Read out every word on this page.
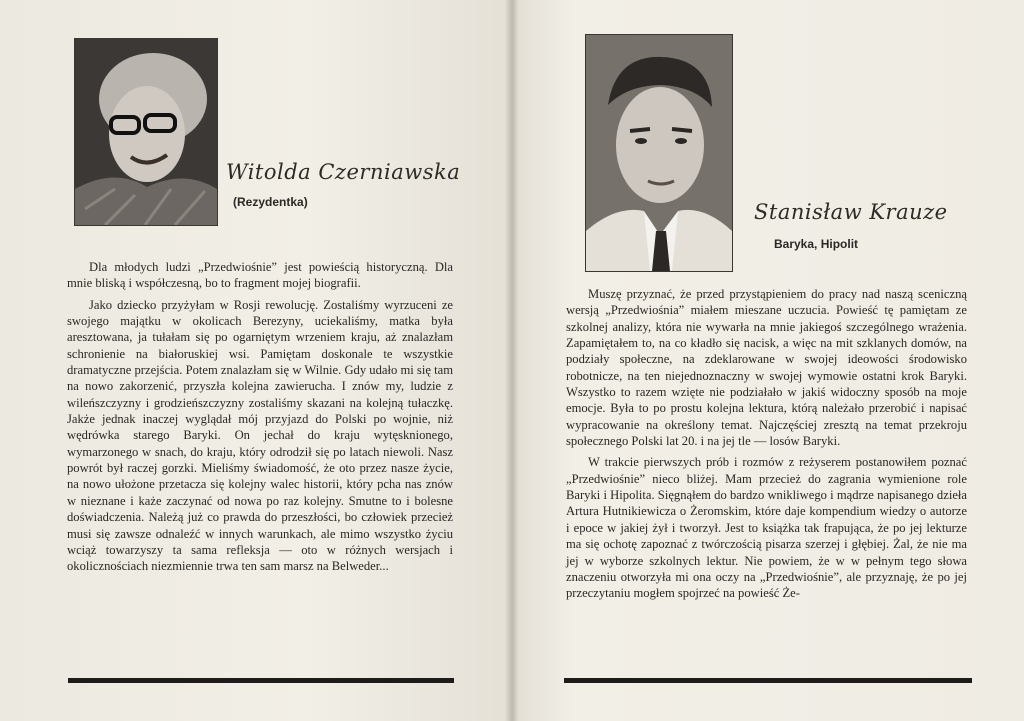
Witolda Czerniawska
(Rezydentka)

Dla młodych ludzi „Przedwiośnie” jest powieścią historyczną. Dla mnie bliską i współczesną, bo to fragment mojej biografii.

Jako dziecko przyżyłam w Rosji rewolucję. Zostaliśmy wyrzuceni ze swojego majątku w okolicach Berezyny, uciekaliśmy, matka była aresztowana, ja tułałam się po ogarniętym wrzeniem kraju, aż znalazłam schronienie na białoruskiej wsi. Pamiętam doskonale te wszystkie dramatyczne przejścia. Potem znalazłam się w Wilnie. Gdy udało mi się tam na nowo zakorzenić, przyszła kolejna zawierucha. I znów my, ludzie z wileńszczyzny i grodzieńszczyzny zostaliśmy skazani na kolejną tułaczkę. Jakże jednak inaczej wyglądał mój przyjazd do Polski po wojnie, niż wędrówka starego Baryki. On jechał do kraju wytęsknionego, wymarzonego w snach, do kraju, który odrodził się po latach niewoli. Nasz powrót był raczej gorzki. Mieliśmy świadomość, że oto przez nasze życie, na nowo ułożone przetacza się kolejny walec historii, który pcha nas znów w nieznane i każe zaczynać od nowa po raz kolejny. Smutne to i bolesne doświadczenia. Należą już co prawda do przeszłości, bo człowiek przecież musi się zawsze odnaleźć w innych warunkach, ale mimo wszystko życiu wciąż towarzyszy ta sama refleksja — oto w różnych wersjach i okolicznościach niezmiennie trwa ten sam marsz na Belweder...

Stanisław Krauze
Baryka, Hipolit

Muszę przyznać, że przed przystąpieniem do pracy nad naszą sceniczną wersją „Przedwiośnia” miałem mieszane uczucia. Powieść tę pamiętam ze szkolnej analizy, która nie wywarła na mnie jakiegoś szczególnego wrażenia. Zapamiętałem to, na co kładło się nacisk, a więc na mit szklanych domów, na podziały społeczne, na zdeklarowane w swojej ideowości środowisko robotnicze, na ten niejednoznaczny w swojej wymowie ostatni krok Baryki. Wszystko to razem wzięte nie podziałało w jakiś widoczny sposób na moje emocje. Była to po prostu kolejna lektura, którą należało przerobić i napisać wypracowanie na określony temat. Najczęściej zresztą na temat przekroju społecznego Polski lat 20. i na jej tle — losów Baryki.

W trakcie pierwszych prób i rozmów z reżyserem postanowiłem poznać „Przedwiośnie” nieco bliżej. Mam przecież do zagrania wymienione role Baryki i Hipolita. Sięgnąłem do bardzo wnikliwego i mądrze napisanego dzieła Artura Hutnikiewicza o Żeromskim, które daje kompendium wiedzy o autorze i epoce w jakiej żył i tworzył. Jest to książka tak frapująca, że po jej lekturze ma się ochotę zapoznać z twórczością pisarza szerzej i głębiej. Żal, że nie ma jej w wyborze szkolnych lektur. Nie powiem, że w w pełnym tego słowa znaczeniu otworzyła mi ona oczy na „Przedwiośnie”, ale przyznaję, że po jej przeczytaniu mogłem spojrzeć na powieść Że-
